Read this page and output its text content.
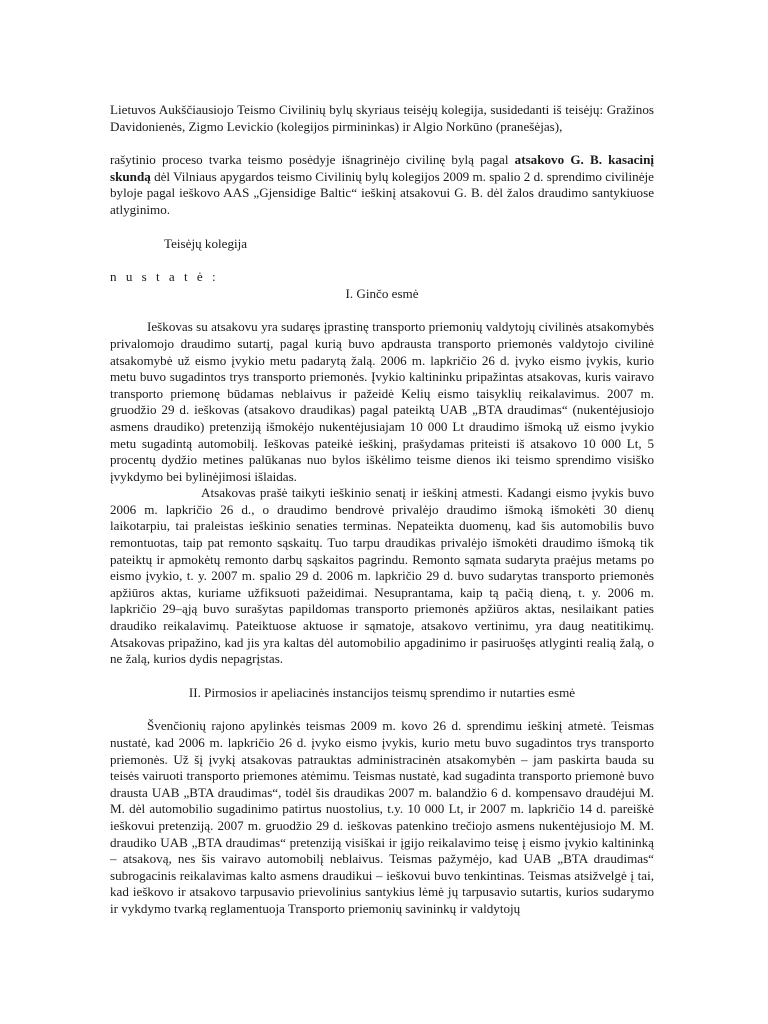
Lietuvos Aukščiausiojo Teismo Civilinių bylų skyriaus teisėjų kolegija, susidedanti iš teisėjų: Gražinos Davidonienės, Zigmo Levickio (kolegijos pirmininkas) ir Algio Norkūno (pranešėjas),

rašytinio proceso tvarka teismo posėdyje išnagrinėjo civilinę bylą pagal atsakovo G. B. kasacinį skundą dėl Vilniaus apygardos teismo Civilinių bylų kolegijos 2009 m. spalio 2 d. sprendimo civilinėje byloje pagal ieškovo AAS „Gjensidige Baltic“ ieškinį atsakovui G. B. dėl žalos draudimo santykiuose atlyginimo.

Teisėjų kolegija

n u s t a t ė :

I. Ginčo esmė

Ieškovas su atsakovu yra sudaręs įprastinę transporto priemonių valdytojų civilinės atsakomybės privalomojo draudimo sutartį, pagal kurią buvo apdrausta transporto priemonės valdytojo civilinė atsakomybė už eismo įvykio metu padarytą žalą. 2006 m. lapkričio 26 d. įvyko eismo įvykis, kurio metu buvo sugadintos trys transporto priemonės. Įvykio kaltininku pripažintas atsakovas, kuris vairavo transporto priemonę būdamas neblaivus ir pažeidė Kelių eismo taisyklių reikalavimus. 2007 m. gruodžio 29 d. ieškovas (atsakovo draudikas) pagal pateiktą UAB „BTA draudimas“ (nukentėjusiojo asmens draudiko) pretenziją išmokėjo nukentėjusiajam 10 000 Lt draudimo išmoką už eismo įvykio metu sugadintą automobilį. Ieškovas pateikė ieškinį, prašydamas priteisti iš atsakovo 10 000 Lt, 5 procentų dydžio metines palūkanas nuo bylos iškėlimo teisme dienos iki teismo sprendimo visiško įvykdymo bei bylinėjimosi išlaidas.

Atsakovas prašė taikyti ieškinio senatį ir ieškinį atmesti. Kadangi eismo įvykis buvo 2006 m. lapkričio 26 d., o draudimo bendrovė privalėjo draudimo išmoką išmokėti 30 dienų laikotarpiu, tai praleistas ieškinio senaties terminas. Nepateikta duomenų, kad šis automobilis buvo remontuotas, taip pat remonto sąskaitų. Tuo tarpu draudikas privalėjo išmokėti draudimo išmoką tik pateiktų ir apmokėtų remonto darbų sąskaitos pagrindu. Remonto sąmata sudaryta praėjus metams po eismo įvykio, t. y. 2007 m. spalio 29 d. 2006 m. lapkričio 29 d. buvo sudarytas transporto priemonės apžiūros aktas, kuriame užfiksuoti pažeidimai. Nesuprantama, kaip tą pačią dieną, t. y. 2006 m. lapkričio 29–ąją buvo surašytas papildomas transporto priemonės apžiūros aktas, nesilaikant paties draudiko reikalavimų. Pateiktuose aktuose ir sąmatoje, atsakovo vertinimu, yra daug neatitikimų. Atsakovas pripažino, kad jis yra kaltas dėl automobilio apgadinimo ir pasiruošęs atlyginti realią žalą, o ne žalą, kurios dydis nepagrįstas.

II. Pirmosios ir apeliacinės instancijos teismų sprendimo ir nutarties esmė

Švenčionių rajono apylinkės teismas 2009 m. kovo 26 d. sprendimu ieškinį atmetė. Teismas nustatė, kad 2006 m. lapkričio 26 d. įvyko eismo įvykis, kurio metu buvo sugadintos trys transporto priemonės. Už šį įvykį atsakovas patrauktas administracinėn atsakomybėn – jam paskirta bauda su teisės vairuoti transporto priemones atėmimu. Teismas nustatė, kad sugadinta transporto priemonė buvo drausta UAB „BTA draudimas“, todėl šis draudikas 2007 m. balandžio 6 d. kompensavo draudėjui M. M. dėl automobilio sugadinimo patirtus nuostolius, t.y. 10 000 Lt, ir 2007 m. lapkričio 14 d. pareiškė ieškovui pretenziją. 2007 m. gruodžio 29 d. ieškovas patenkino trečiojo asmens nukentėjusiojo M. M. draudiko UAB „BTA draudimas“ pretenziją visiškai ir įgijo reikalavimo teisę į eismo įvykio kaltininką – atsakovą, nes šis vairavo automobilį neblaivus. Teismas pažymėjo, kad UAB „BTA draudimas“ subrogacinis reikalavimas kalto asmens draudikui – ieškovui buvo tenkintinas. Teismas atsižvelgė į tai, kad ieškovo ir atsakovo tarpusavio prievolinius santykius lėmė jų tarpusavio sutartis, kurios sudarymo ir vykdymo tvarką reglamentuoja Transporto priemonių savininkų ir valdytojų
